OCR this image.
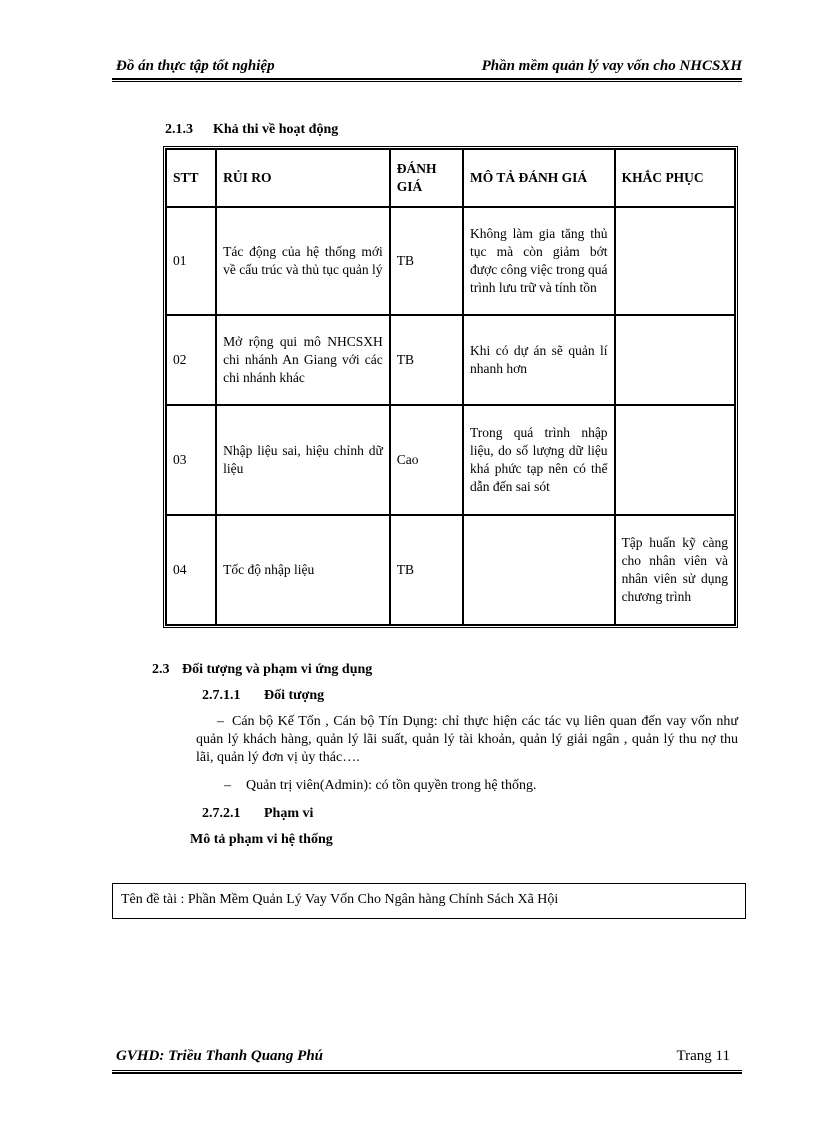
Đồ án thực tập tốt nghiệp	Phần mềm quản lý vay vốn cho NHCSXH
2.1.3 Khả thi về hoạt động
STT	RỦI RO	ĐÁNH GIÁ	MÔ TẢ ĐÁNH GIÁ	KHẮC PHỤC
01	Tác động của hệ thống mới về cấu trúc và thủ tục quản lý	TB	Không làm gia tăng thủ tục mà còn giảm bớt được công việc trong quá trình lưu trữ và tính tồn	
02	Mở rộng qui mô NHCSXH chi nhánh An Giang với các chi nhánh khác	TB	Khi có dự án sẽ quản lí nhanh hơn	
03	Nhập liệu sai, hiệu chỉnh dữ liệu	Cao	Trong quá trình nhập liệu, do số lượng dữ liệu khá phức tạp nên có thể dẫn đến sai sót	
04	Tốc độ nhập liệu	TB		Tập huấn kỹ càng cho nhân viên và nhân viên sử dụng chương trình
2.3 Đối tượng và phạm vi ứng dụng
2.7.1.1 Đối tượng
– Cán bộ Kế Tốn , Cán bộ Tín Dụng: chỉ thực hiện các tác vụ liên quan đến vay vốn như quản lý khách hàng, quản lý lãi suất, quản lý tài khoản, quản lý giải ngân , quản lý thu nợ thu lãi, quản lý đơn vị ủy thác….
– Quản trị viên(Admin): có tồn quyền trong hệ thống.
2.7.2.1 Phạm vi
Mô tả phạm vi hệ thống
Tên đề tài : Phần Mềm Quản Lý Vay Vốn Cho Ngân hàng Chính Sách Xã Hội
GVHD: Triều Thanh Quang Phú	Trang 11
